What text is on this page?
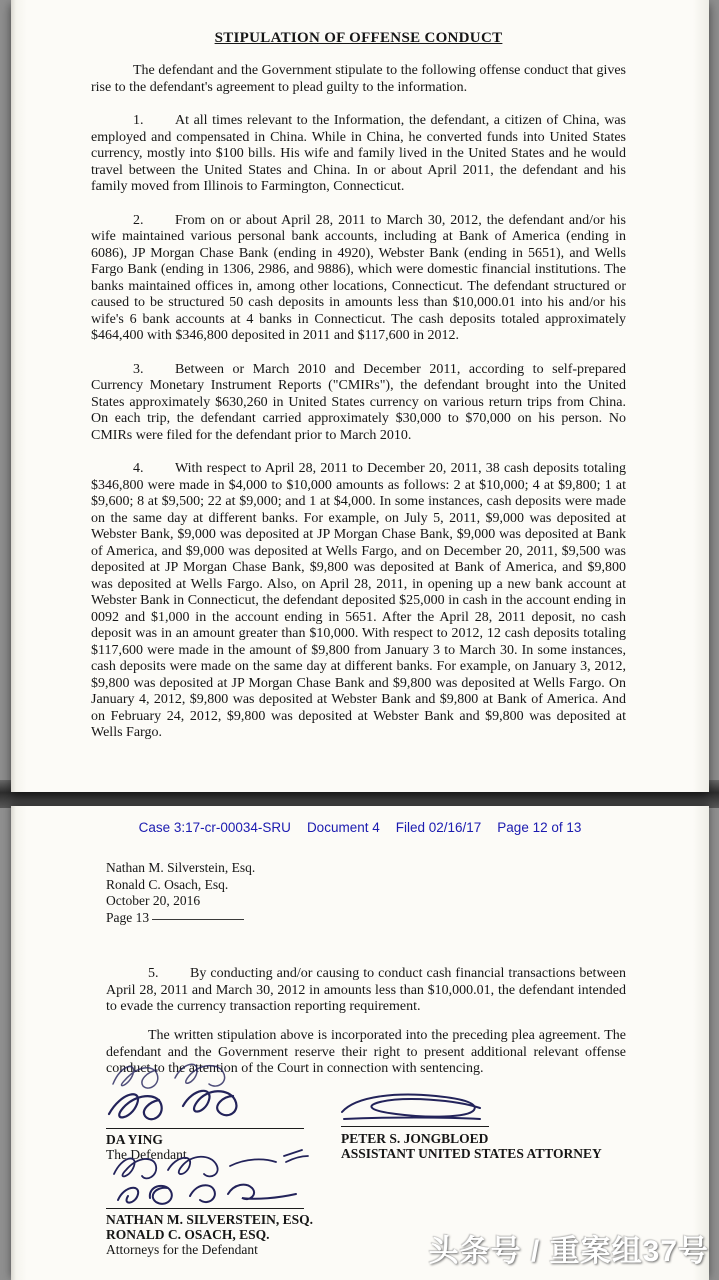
STIPULATION OF OFFENSE CONDUCT

The defendant and the Government stipulate to the following offense conduct that gives rise to the defendant's agreement to plead guilty to the information.

1. At all times relevant to the Information, the defendant, a citizen of China, was employed and compensated in China. While in China, he converted funds into United States currency, mostly into $100 bills. His wife and family lived in the United States and he would travel between the United States and China. In or about April 2011, the defendant and his family moved from Illinois to Farmington, Connecticut.

2. From on or about April 28, 2011 to March 30, 2012, the defendant and/or his wife maintained various personal bank accounts, including at Bank of America (ending in 6086), JP Morgan Chase Bank (ending in 4920), Webster Bank (ending in 5651), and Wells Fargo Bank (ending in 1306, 2986, and 9886), which were domestic financial institutions. The banks maintained offices in, among other locations, Connecticut. The defendant structured or caused to be structured 50 cash deposits in amounts less than $10,000.01 into his and/or his wife's 6 bank accounts at 4 banks in Connecticut. The cash deposits totaled approximately $464,400 with $346,800 deposited in 2011 and $117,600 in 2012.

3. Between or March 2010 and December 2011, according to self-prepared Currency Monetary Instrument Reports ("CMIRs"), the defendant brought into the United States approximately $630,260 in United States currency on various return trips from China. On each trip, the defendant carried approximately $30,000 to $70,000 on his person. No CMIRs were filed for the defendant prior to March 2010.

4. With respect to April 28, 2011 to December 20, 2011, 38 cash deposits totaling $346,800 were made in $4,000 to $10,000 amounts as follows: 2 at $10,000; 4 at $9,800; 1 at $9,600; 8 at $9,500; 22 at $9,000; and 1 at $4,000. In some instances, cash deposits were made on the same day at different banks. For example, on July 5, 2011, $9,000 was deposited at Webster Bank, $9,000 was deposited at JP Morgan Chase Bank, $9,000 was deposited at Bank of America, and $9,000 was deposited at Wells Fargo, and on December 20, 2011, $9,500 was deposited at JP Morgan Chase Bank, $9,800 was deposited at Bank of America, and $9,800 was deposited at Wells Fargo. Also, on April 28, 2011, in opening up a new bank account at Webster Bank in Connecticut, the defendant deposited $25,000 in cash in the account ending in 0092 and $1,000 in the account ending in 5651. After the April 28, 2011 deposit, no cash deposit was in an amount greater than $10,000. With respect to 2012, 12 cash deposits totaling $117,600 were made in the amount of $9,800 from January 3 to March 30. In some instances, cash deposits were made on the same day at different banks. For example, on January 3, 2012, $9,800 was deposited at JP Morgan Chase Bank and $9,800 was deposited at Wells Fargo. On January 4, 2012, $9,800 was deposited at Webster Bank and $9,800 at Bank of America. And on February 24, 2012, $9,800 was deposited at Webster Bank and $9,800 was deposited at Wells Fargo.

Case 3:17-cr-00034-SRU Document 4 Filed 02/16/17 Page 12 of 13
Nathan M. Silverstein, Esq.
Ronald C. Osach, Esq.
October 20, 2016
Page 13

5. By conducting and/or causing to conduct cash financial transactions between April 28, 2011 and March 30, 2012 in amounts less than $10,000.01, the defendant intended to evade the currency transaction reporting requirement.

The written stipulation above is incorporated into the preceding plea agreement. The defendant and the Government reserve their right to present additional relevant offense conduct to the attention of the Court in connection with sentencing.

DA YING
The Defendant
PETER S. JONGBLOED
ASSISTANT UNITED STATES ATTORNEY
NATHAN M. SILVERSTEIN, ESQ.
RONALD C. OSACH, ESQ.
Attorneys for the Defendant	头条号 / 重案组37号
